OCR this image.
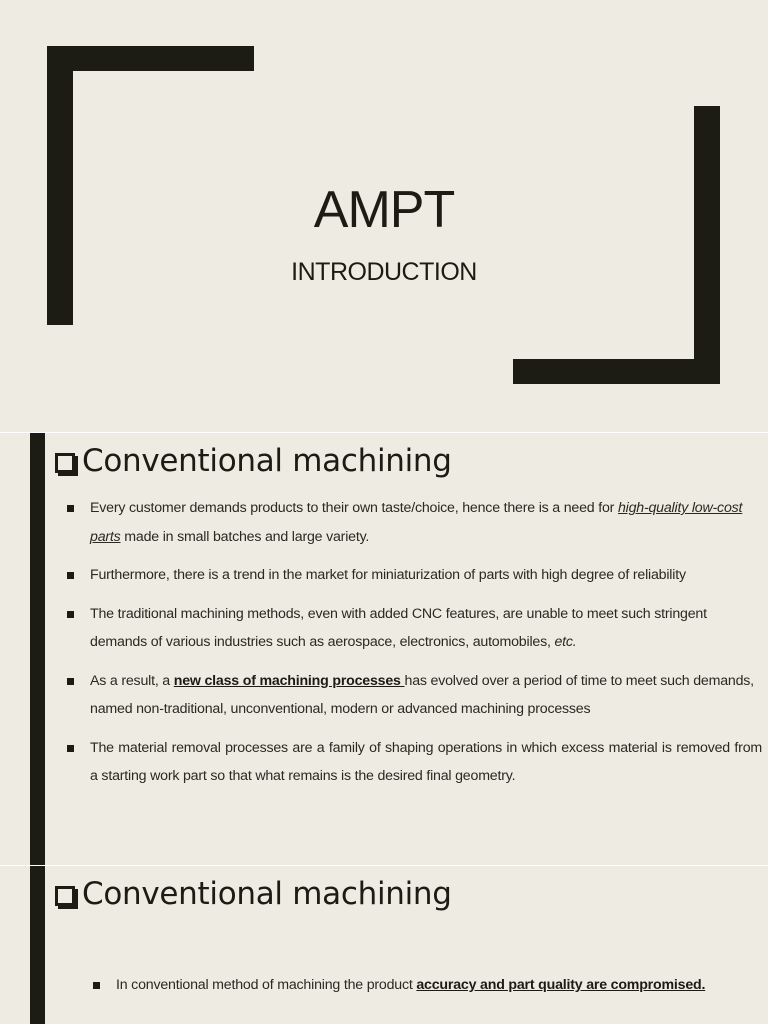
AMPT
INTRODUCTION
Conventional machining
Every customer demands products to their own taste/choice, hence there is a need for high-quality low-cost parts made in small batches and large variety.
Furthermore, there is a trend in the market for miniaturization of parts with high degree of reliability
The traditional machining methods, even with added CNC features, are unable to meet such stringent demands of various industries such as aerospace, electronics, automobiles, etc.
As a result, a new class of machining processes has evolved over a period of time to meet such demands, named non-traditional, unconventional, modern or advanced machining processes
The material removal processes are a family of shaping operations in which excess material is removed from a starting work part so that what remains is the desired final geometry.
Conventional machining
In conventional method of machining the product accuracy and part quality are compromised.
